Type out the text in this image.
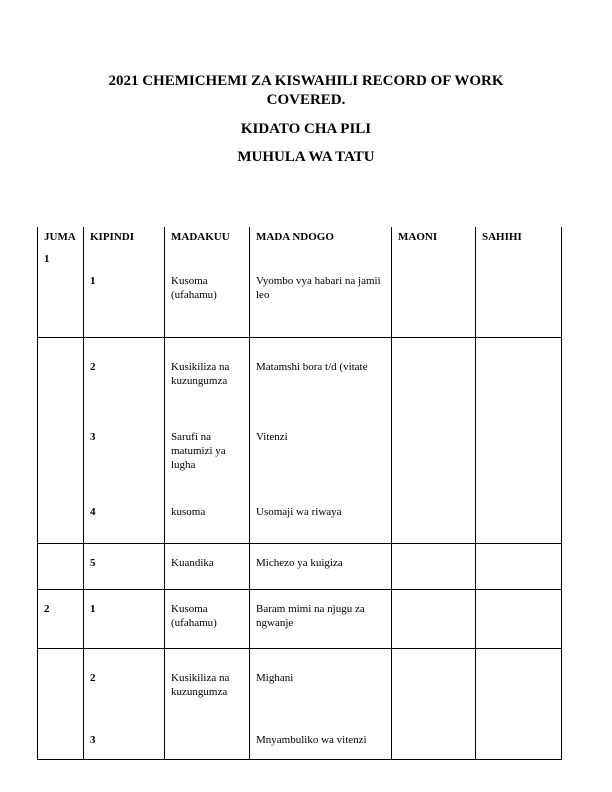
2021 CHEMICHEMI ZA KISWAHILI RECORD OF WORK
COVERED.
KIDATO CHA PILI
MUHULA WA TATU
JUMA	KIPINDI	MADAKUU	MADA NDOGO	MAONI	SAHIHI
1					
	1	Kusoma (ufahamu)	Vyombo vya habari na jamii leo		
	2	Kusikiliza na kuzungumza	Matamshi bora t/d (vitate		
	3	Sarufi na matumizi ya lugha	Vitenzi		
	4	kusoma	Usomaji wa riwaya		
	5	Kuandika	Michezo ya kuigiza		
2	1	Kusoma (ufahamu)	Baram mimi na njugu za ngwanje		
	2	Kusikiliza na kuzungumza	Mighani		
	3		Mnyambuliko wa vitenzi		
